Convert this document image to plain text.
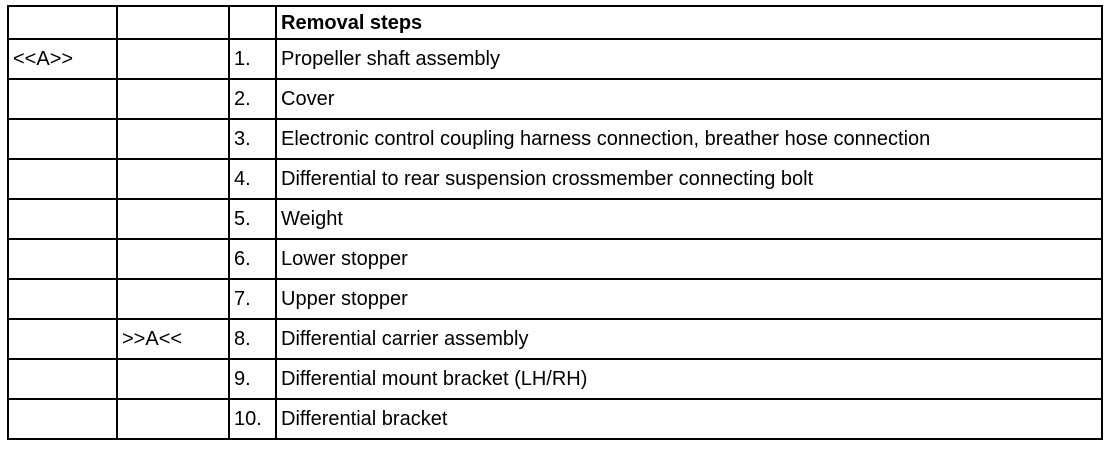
			Removal steps
<<A>>		1.	Propeller shaft assembly
		2.	Cover
		3.	Electronic control coupling harness connection, breather hose connection
		4.	Differential to rear suspension crossmember connecting bolt
		5.	Weight
		6.	Lower stopper
		7.	Upper stopper
	>>A<<	8.	Differential carrier assembly
		9.	Differential mount bracket (LH/RH)
		10.	Differential bracket
